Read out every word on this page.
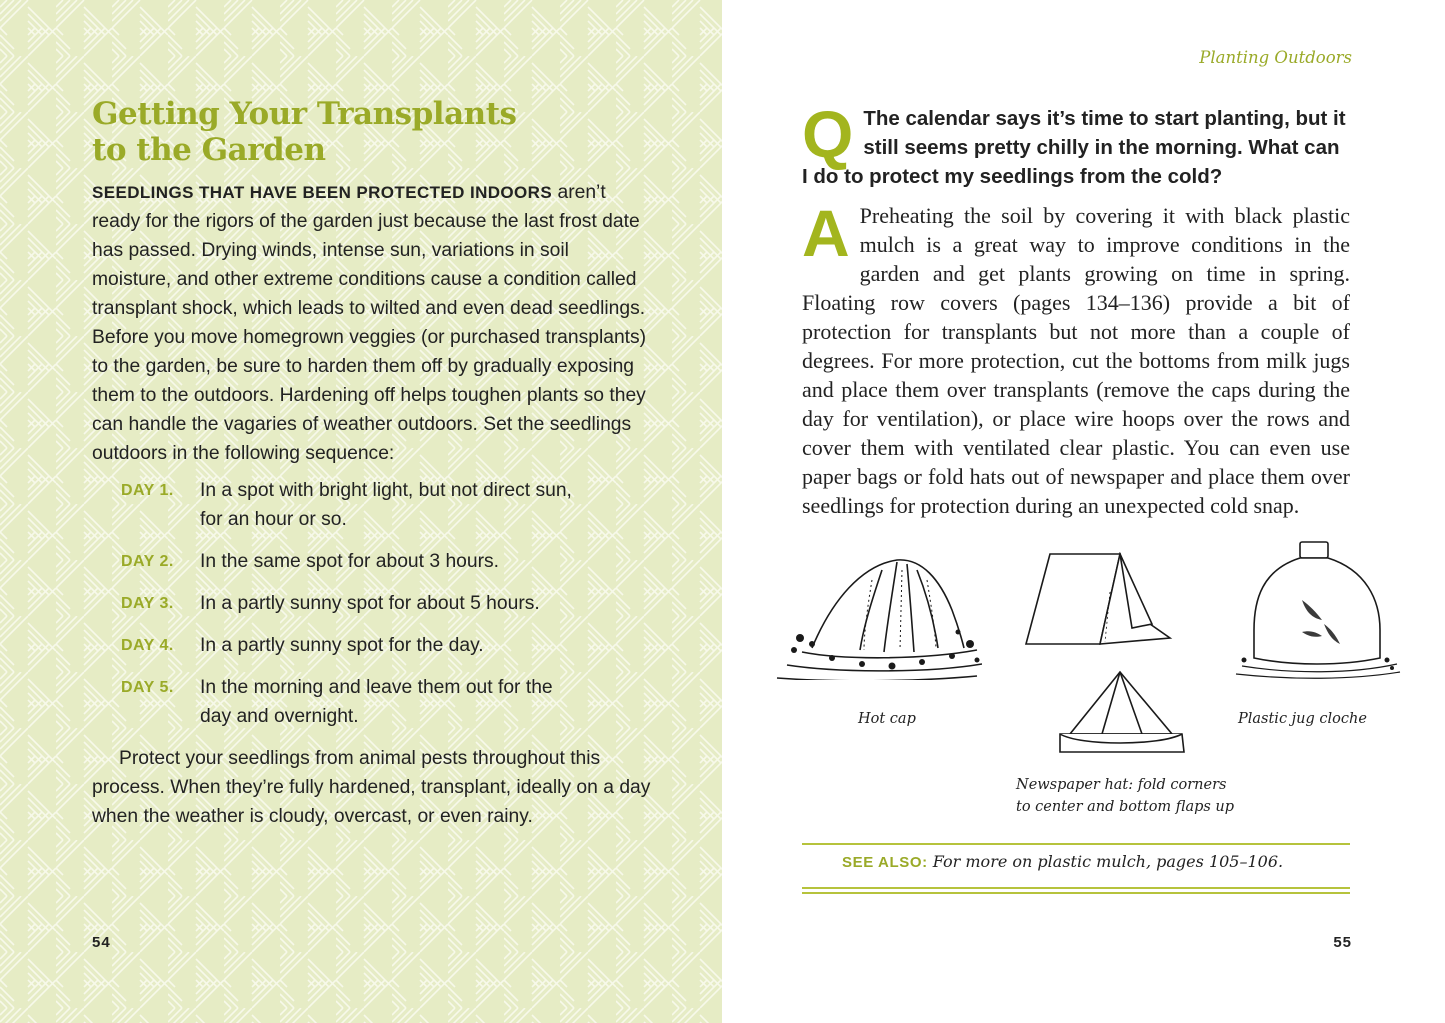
Getting Your Transplants
to the Garden

SEEDLINGS THAT HAVE BEEN PROTECTED INDOORS aren’t ready for the rigors of the garden just because the last frost date has passed. Drying winds, intense sun, variations in soil moisture, and other extreme conditions cause a condition called transplant shock, which leads to wilted and even dead seedlings. Before you move homegrown veggies (or purchased transplants) to the garden, be sure to harden them off by gradually exposing them to the outdoors. Hardening off helps toughen plants so they can handle the vagaries of weather outdoors. Set the seedlings outdoors in the following sequence:

DAY 1.	In a spot with bright light, but not direct sun, for an hour or so.
DAY 2.	In the same spot for about 3 hours.
DAY 3.	In a partly sunny spot for about 5 hours.
DAY 4.	In a partly sunny spot for the day.
DAY 5.	In the morning and leave them out for the day and overnight.

Protect your seedlings from animal pests throughout this process. When they’re fully hardened, transplant, ideally on a day when the weather is cloudy, overcast, or even rainy.

54
Planting Outdoors

Q The calendar says it’s time to start planting, but it still seems pretty chilly in the morning. What can I do to protect my seedlings from the cold?

A Preheating the soil by covering it with black plastic mulch is a great way to improve conditions in the garden and get plants growing on time in spring. Floating row covers (pages 134–136) provide a bit of protection for transplants but not more than a couple of degrees. For more protection, cut the bottoms from milk jugs and place them over transplants (remove the caps during the day for ventilation), or place wire hoops over the rows and cover them with ventilated clear plastic. You can even use paper bags or fold hats out of newspaper and place them over seedlings for protection during an unexpected cold snap.

Hot cap	Plastic jug cloche
Newspaper hat: fold corners
to center and bottom flaps up
SEE ALSO: For more on plastic mulch, pages 105–106.
55
